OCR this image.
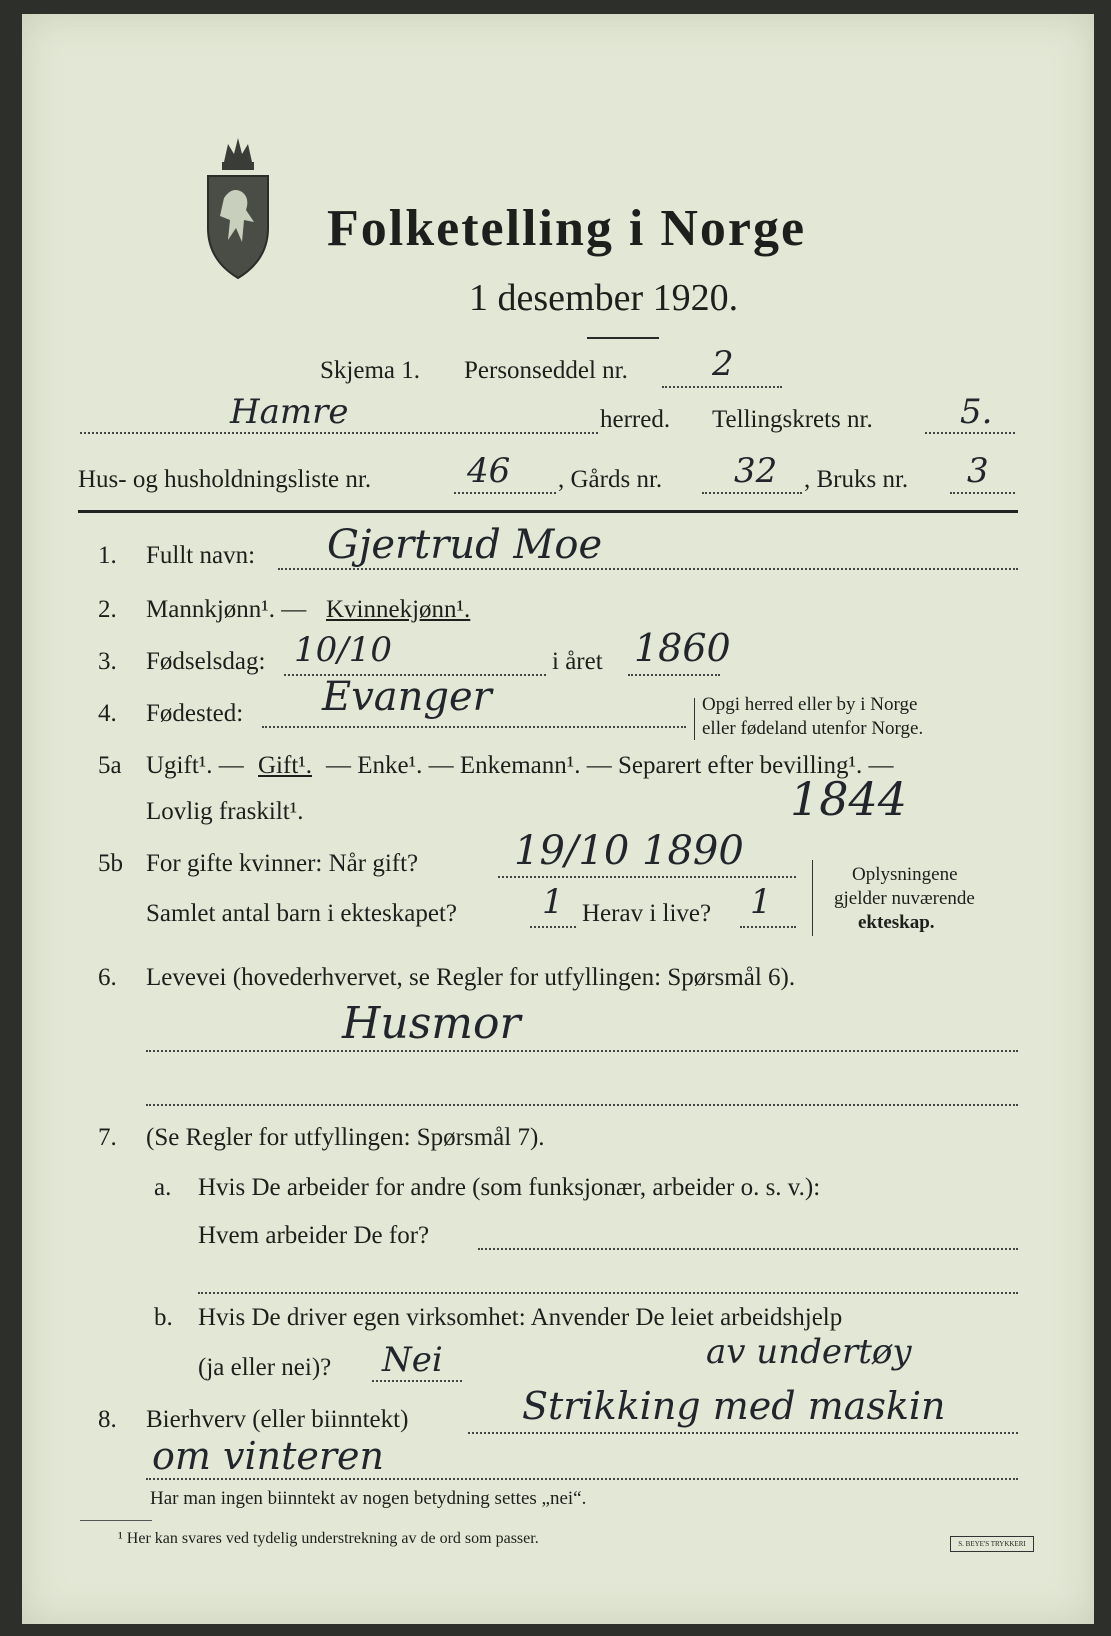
Folketelling i Norge
1 desember 1920.
Skjema 1. Personseddel nr. 2
Hamre	herred. Tellingskrets nr.	5.
Hus- og husholdningsliste nr.	46 , Gårds nr. 32 , Bruks nr. 3
1. Fullt navn: Gjertrud Moe
2. Mannkjønn¹. — Kvinnekjønn¹.
3. Fødselsdag: 10/10	i året 1860
4. Fødested: Evanger	Opgi herred eller by i Norge
eller fødeland utenfor Norge.
5a Ugift¹. — Gift¹. — Enke¹. — Enkemann¹. — Separert efter bevilling¹. —
Lovlig fraskilt¹.	1844
5b For gifte kvinner: Når gift? 19/10 1890
Samlet antal barn i ekteskapet?	1 Herav i live? 1
Oplysningene
gjelder nuværende
ekteskap.
6. Levevei (hovederhvervet, se Regler for utfyllingen: Spørsmål 6).
Husmor
7. (Se Regler for utfyllingen: Spørsmål 7).
a. Hvis De arbeider for andre (som funksjonær, arbeider o. s. v.):
Hvem arbeider De for?
b. Hvis De driver egen virksomhet: Anvender De leiet arbeidshjelp
(ja eller nei)? Nei	av undertøy
8. Bierhverv (eller biinntekt)	Strikking med maskin
om vinteren
Har man ingen biinntekt av nogen betydning settes „nei“.
¹ Her kan svares ved tydelig understrekning av de ord som passer.	S. BEYE'S TRYKKERI
